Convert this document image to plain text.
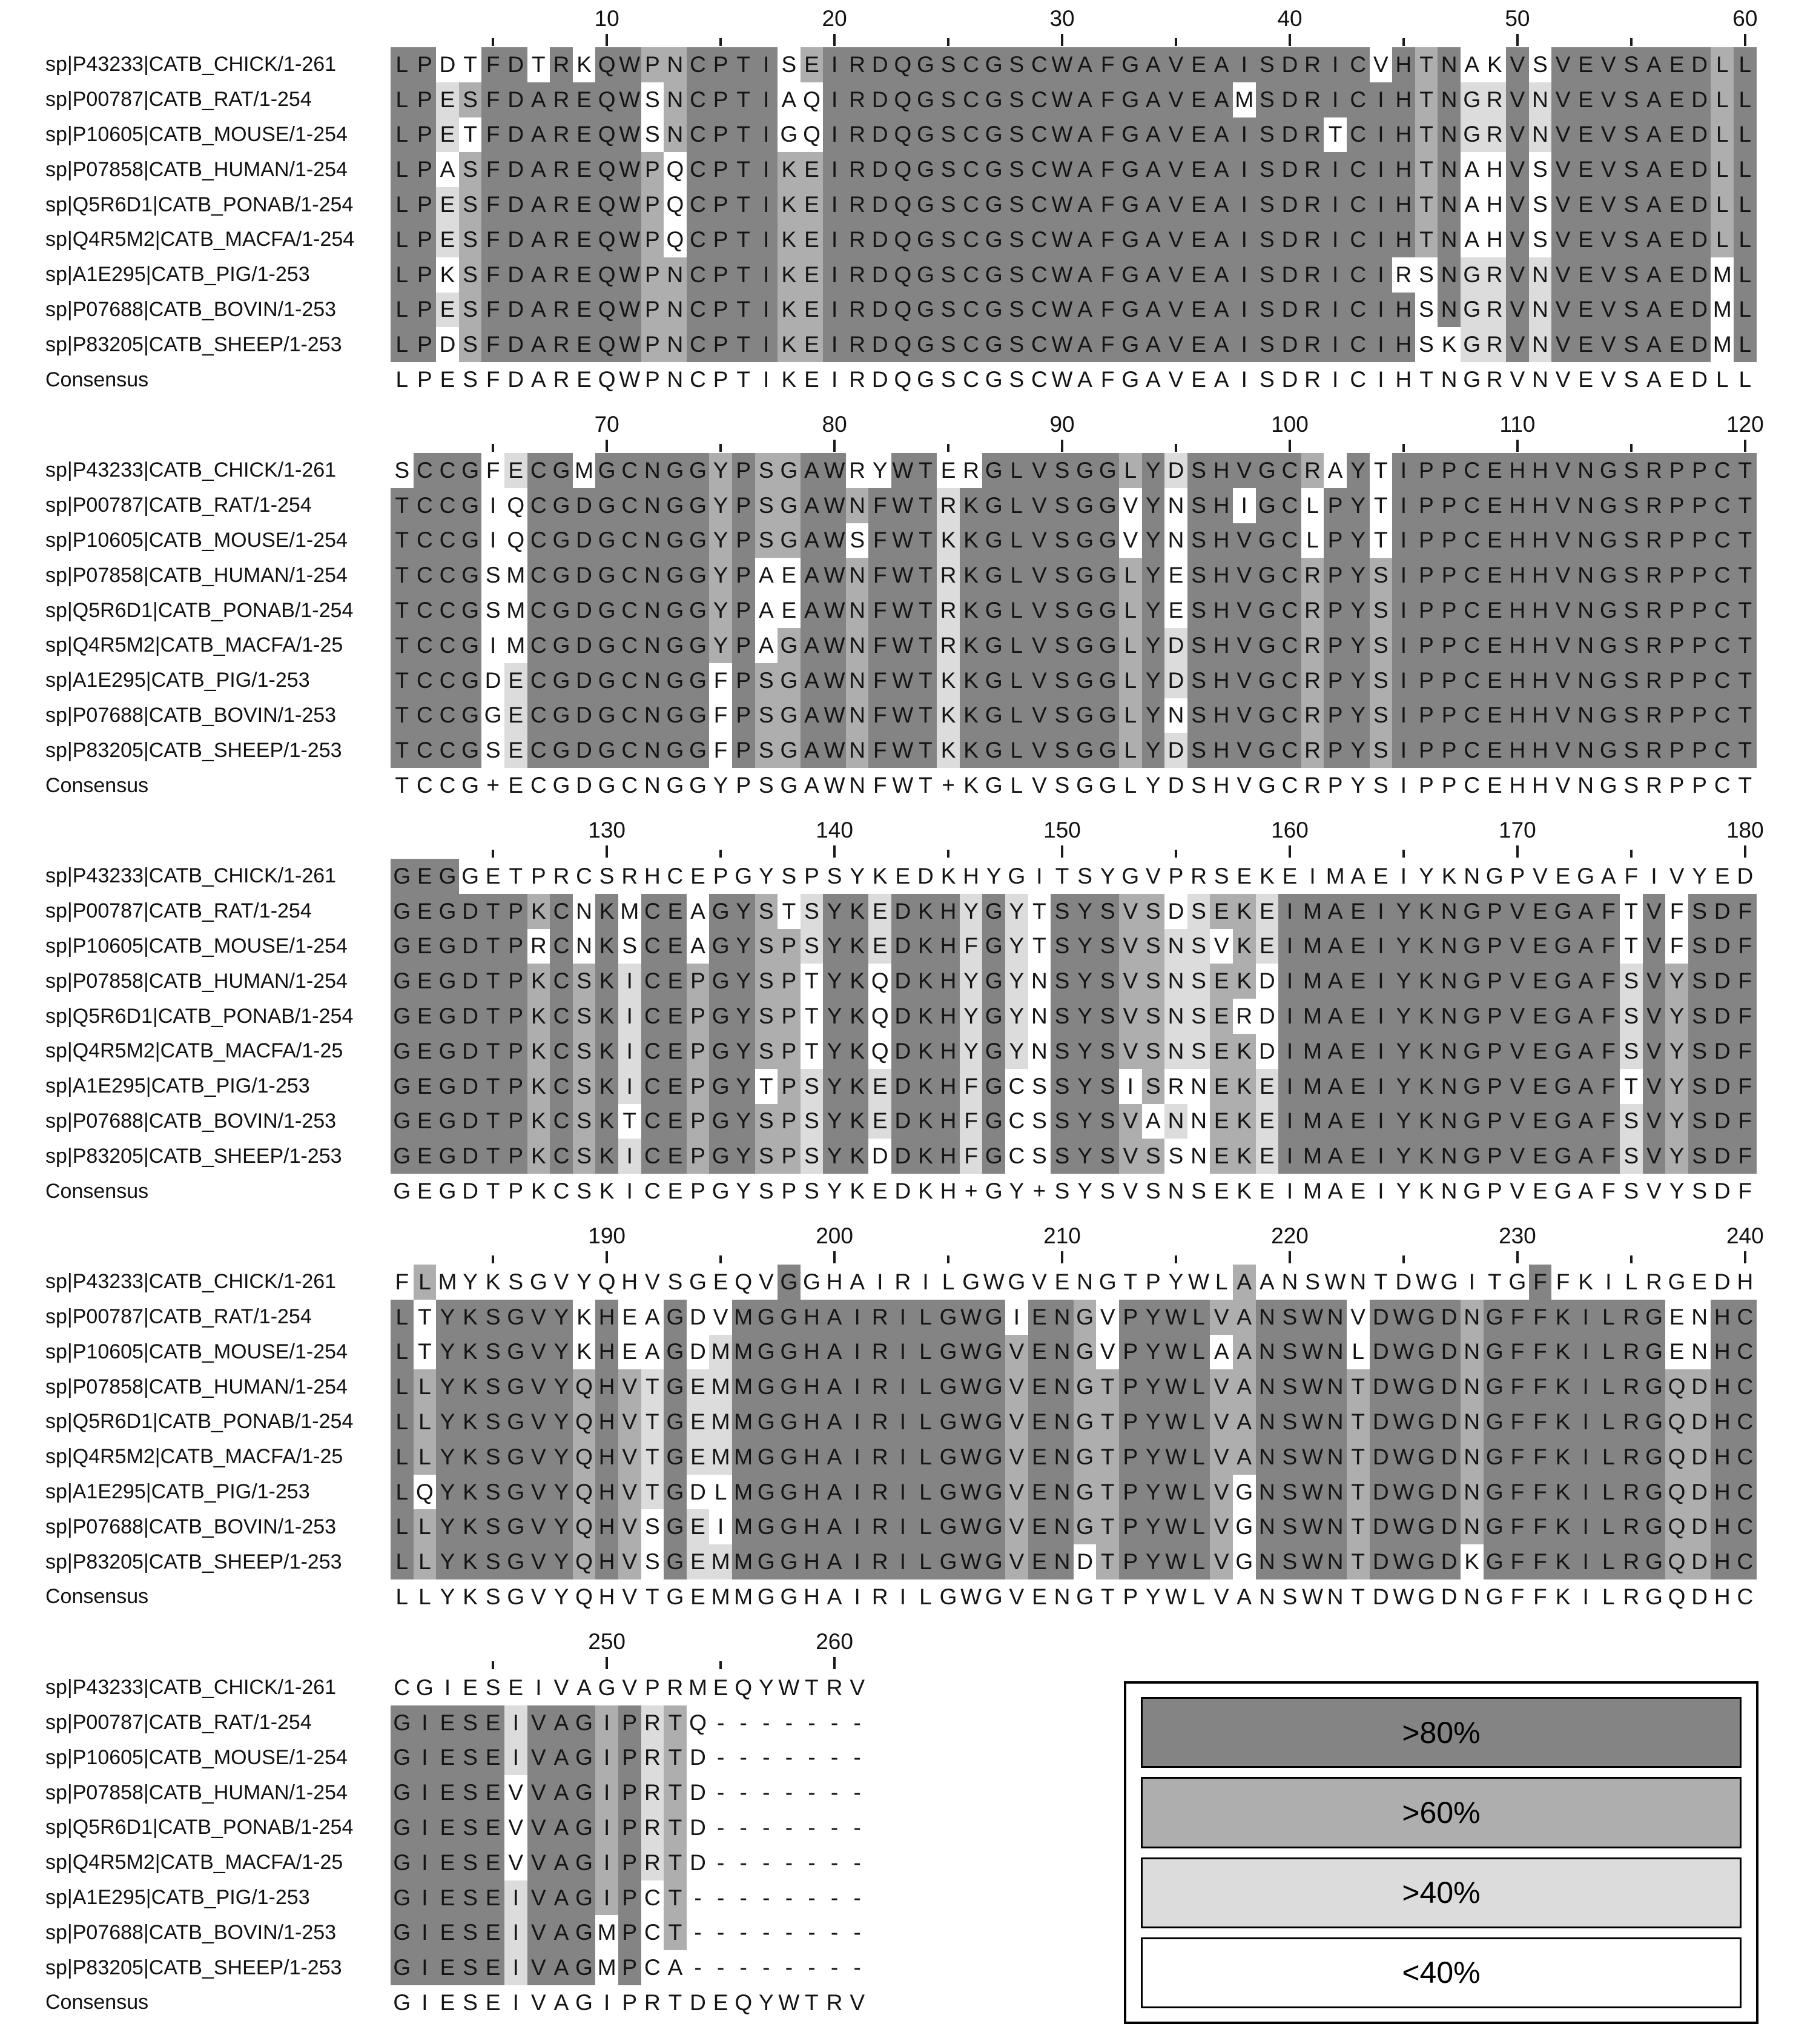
10	20	30	40	50	60
sp|P43233|CATB_CHICK/1-261	L P D T F D T R K Q W P N C P T I S E I R D Q G S C G S C W A F G A V E A I S D R I C V H T N A K V S V E V S A E D L L
sp|P00787|CATB_RAT/1-254	L P E S F D A R E Q W S N C P T I A Q I R D Q G S C G S C W A F G A V E A M S D R I C I H T N G R V N V E V S A E D L L
sp|P10605|CATB_MOUSE/1-254	L P E T F D A R E Q W S N C P T I G Q I R D Q G S C G S C W A F G A V E A I S D R T C I H T N G R V N V E V S A E D L L
sp|P07858|CATB_HUMAN/1-254	L P A S F D A R E Q W P Q C P T I K E I R D Q G S C G S C W A F G A V E A I S D R I C I H T N A H V S V E V S A E D L L
sp|Q5R6D1|CATB_PONAB/1-254	L P E S F D A R E Q W P Q C P T I K E I R D Q G S C G S C W A F G A V E A I S D R I C I H T N A H V S V E V S A E D L L
sp|Q4R5M2|CATB_MACFA/1-254	L P E S F D A R E Q W P Q C P T I K E I R D Q G S C G S C W A F G A V E A I S D R I C I H T N A H V S V E V S A E D L L
sp|A1E295|CATB_PIG/1-253	L P K S F D A R E Q W P N C P T I K E I R D Q G S C G S C W A F G A V E A I S D R I C I R S N G R V N V E V S A E D M L
sp|P07688|CATB_BOVIN/1-253	L P E S F D A R E Q W P N C P T I K E I R D Q G S C G S C W A F G A V E A I S D R I C I H S N G R V N V E V S A E D M L
sp|P83205|CATB_SHEEP/1-253	L P D S F D A R E Q W P N C P T I K E I R D Q G S C G S C W A F G A V E A I S D R I C I H S K G R V N V E V S A E D M L
Consensus	L P E S F D A R E Q W P N C P T I K E I R D Q G S C G S C W A F G A V E A I S D R I C I H T N G R V N V E V S A E D L L
70	80	90	100	110	120
sp|P43233|CATB_CHICK/1-261	S C C G F E C G M G C N G G Y P S G A W R Y W T E R G L V S G G L Y D S H V G C R A Y T I P P C E H H V N G S R P P C T
sp|P00787|CATB_RAT/1-254	T C C G I Q C G D G C N G G Y P S G A W N F W T R K G L V S G G V Y N S H I G C L P Y T I P P C E H H V N G S R P P C T
sp|P10605|CATB_MOUSE/1-254	T C C G I Q C G D G C N G G Y P S G A W S F W T K K G L V S G G V Y N S H V G C L P Y T I P P C E H H V N G S R P P C T
sp|P07858|CATB_HUMAN/1-254	T C C G S M C G D G C N G G Y P A E A W N F W T R K G L V S G G L Y E S H V G C R P Y S I P P C E H H V N G S R P P C T
sp|Q5R6D1|CATB_PONAB/1-254	T C C G S M C G D G C N G G Y P A E A W N F W T R K G L V S G G L Y E S H V G C R P Y S I P P C E H H V N G S R P P C T
sp|Q4R5M2|CATB_MACFA/1-25	T C C G I M C G D G C N G G Y P A G A W N F W T R K G L V S G G L Y D S H V G C R P Y S I P P C E H H V N G S R P P C T
sp|A1E295|CATB_PIG/1-253	T C C G D E C G D G C N G G F P S G A W N F W T K K G L V S G G L Y D S H V G C R P Y S I P P C E H H V N G S R P P C T
sp|P07688|CATB_BOVIN/1-253	T C C G G E C G D G C N G G F P S G A W N F W T K K G L V S G G L Y N S H V G C R P Y S I P P C E H H V N G S R P P C T
sp|P83205|CATB_SHEEP/1-253	T C C G S E C G D G C N G G F P S G A W N F W T K K G L V S G G L Y D S H V G C R P Y S I P P C E H H V N G S R P P C T
Consensus	T C C G + E C G D G C N G G Y P S G A W N F W T + K G L V S G G L Y D S H V G C R P Y S I P P C E H H V N G S R P P C T
130	140	150	160	170	180
sp|P43233|CATB_CHICK/1-261	G E G G E T P R C S R H C E P G Y S P S Y K E D K H Y G I T S Y G V P R S E K E I M A E I Y K N G P V E G A F I V Y E D
sp|P00787|CATB_RAT/1-254	G E G D T P K C N K M C E A G Y S T S Y K E D K H Y G Y T S Y S V S D S E K E I M A E I Y K N G P V E G A F T V F S D F
sp|P10605|CATB_MOUSE/1-254	G E G D T P R C N K S C E A G Y S P S Y K E D K H F G Y T S Y S V S N S V K E I M A E I Y K N G P V E G A F T V F S D F
sp|P07858|CATB_HUMAN/1-254	G E G D T P K C S K I C E P G Y S P T Y K Q D K H Y G Y N S Y S V S N S E K D I M A E I Y K N G P V E G A F S V Y S D F
sp|Q5R6D1|CATB_PONAB/1-254	G E G D T P K C S K I C E P G Y S P T Y K Q D K H Y G Y N S Y S V S N S E R D I M A E I Y K N G P V E G A F S V Y S D F
sp|Q4R5M2|CATB_MACFA/1-25	G E G D T P K C S K I C E P G Y S P T Y K Q D K H Y G Y N S Y S V S N S E K D I M A E I Y K N G P V E G A F S V Y S D F
sp|A1E295|CATB_PIG/1-253	G E G D T P K C S K I C E P G Y T P S Y K E D K H F G C S S Y S I S R N E K E I M A E I Y K N G P V E G A F T V Y S D F
sp|P07688|CATB_BOVIN/1-253	G E G D T P K C S K T C E P G Y S P S Y K E D K H F G C S S Y S V A N N E K E I M A E I Y K N G P V E G A F S V Y S D F
sp|P83205|CATB_SHEEP/1-253	G E G D T P K C S K I C E P G Y S P S Y K D D K H F G C S S Y S V S S N E K E I M A E I Y K N G P V E G A F S V Y S D F
Consensus	G E G D T P K C S K I C E P G Y S P S Y K E D K H + G Y + S Y S V S N S E K E I M A E I Y K N G P V E G A F S V Y S D F
190	200	210	220	230	240
sp|P43233|CATB_CHICK/1-261	F L M Y K S G V Y Q H V S G E Q V G G H A I R I L G W G V E N G T P Y W L A A N S W N T D W G I T G F F K I L R G E D H
sp|P00787|CATB_RAT/1-254	L T Y K S G V Y K H E A G D V M G G H A I R I L G W G I E N G V P Y W L V A N S W N V D W G D N G F F K I L R G E N H C
sp|P10605|CATB_MOUSE/1-254	L T Y K S G V Y K H E A G D M M G G H A I R I L G W G V E N G V P Y W L A A N S W N L D W G D N G F F K I L R G E N H C
sp|P07858|CATB_HUMAN/1-254	L L Y K S G V Y Q H V T G E M M G G H A I R I L G W G V E N G T P Y W L V A N S W N T D W G D N G F F K I L R G Q D H C
sp|Q5R6D1|CATB_PONAB/1-254	L L Y K S G V Y Q H V T G E M M G G H A I R I L G W G V E N G T P Y W L V A N S W N T D W G D N G F F K I L R G Q D H C
sp|Q4R5M2|CATB_MACFA/1-25	L L Y K S G V Y Q H V T G E M M G G H A I R I L G W G V E N G T P Y W L V A N S W N T D W G D N G F F K I L R G Q D H C
sp|A1E295|CATB_PIG/1-253	L Q Y K S G V Y Q H V T G D L M G G H A I R I L G W G V E N G T P Y W L V G N S W N T D W G D N G F F K I L R G Q D H C
sp|P07688|CATB_BOVIN/1-253	L L Y K S G V Y Q H V S G E I M G G H A I R I L G W G V E N G T P Y W L V G N S W N T D W G D N G F F K I L R G Q D H C
sp|P83205|CATB_SHEEP/1-253	L L Y K S G V Y Q H V S G E M M G G H A I R I L G W G V E N D T P Y W L V G N S W N T D W G D K G F F K I L R G Q D H C
Consensus	L L Y K S G V Y Q H V T G E M M G G H A I R I L G W G V E N G T P Y W L V A N S W N T D W G D N G F F K I L R G Q D H C
250	260
sp|P43233|CATB_CHICK/1-261	C G I E S E I V A G V P R M E Q Y W T R V
sp|P00787|CATB_RAT/1-254	G I E S E I V A G I P R T Q - - - - - - -
sp|P10605|CATB_MOUSE/1-254	G I E S E I V A G I P R T D - - - - - - -
sp|P07858|CATB_HUMAN/1-254	G I E S E V V A G I P R T D - - - - - - -
sp|Q5R6D1|CATB_PONAB/1-254	G I E S E V V A G I P R T D - - - - - - -
sp|Q4R5M2|CATB_MACFA/1-25	G I E S E V V A G I P R T D - - - - - - -
sp|A1E295|CATB_PIG/1-253	G I E S E I V A G I P C T - - - - - - - -
sp|P07688|CATB_BOVIN/1-253	G I E S E I V A G M P C T - - - - - - - -
sp|P83205|CATB_SHEEP/1-253	G I E S E I V A G M P C A - - - - - - - -
Consensus	G I E S E I V A G I P R T D E Q Y W T R V
>80%
>60%
>40%
<40%
